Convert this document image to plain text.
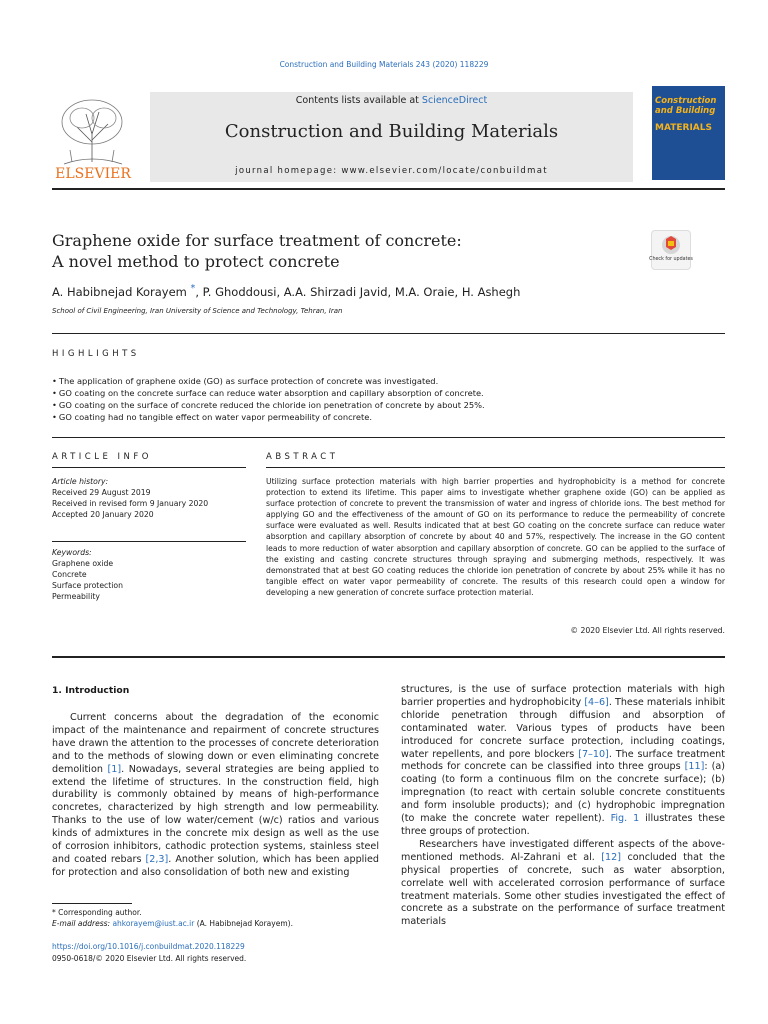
Construction and Building Materials 243 (2020) 118229
ELSEVIER
Contents lists available at ScienceDirect
Construction and Building Materials
journal homepage: www.elsevier.com/locate/conbuildmat
Construction and Building
MATERIALS
Graphene oxide for surface treatment of concrete:
A novel method to protect concrete	Check for updates
A. Habibnejad Korayem *, P. Ghoddousi, A.A. Shirzadi Javid, M.A. Oraie, H. Ashegh
School of Civil Engineering, Iran University of Science and Technology, Tehran, Iran
HIGHLIGHTS
• The application of graphene oxide (GO) as surface protection of concrete was investigated.
• GO coating on the concrete surface can reduce water absorption and capillary absorption of concrete.
• GO coating on the surface of concrete reduced the chloride ion penetration of concrete by about 25%.
• GO coating had no tangible effect on water vapor permeability of concrete.
ARTICLE INFO	ABSTRACT
Article history:
Received 29 August 2019
Received in revised form 9 January 2020
Accepted 20 January 2020
Keywords:
Graphene oxide
Concrete
Surface protection
Permeability
Utilizing surface protection materials with high barrier properties and hydrophobicity is a method for concrete protection to extend its lifetime. This paper aims to investigate whether graphene oxide (GO) can be applied as surface protection of concrete to prevent the transmission of water and ingress of chloride ions. The best method for applying GO and the effectiveness of the amount of GO on its performance to reduce the permeability of concrete surface were evaluated as well. Results indicated that at best GO coating on the concrete surface can reduce water absorption and capillary absorption of concrete by about 40 and 57%, respectively. The increase in the GO content leads to more reduction of water absorption and capillary absorption of concrete. GO can be applied to the surface of the existing and casting concrete structures through spraying and submerging methods, respectively. It was demonstrated that at best GO coating reduces the chloride ion penetration of concrete by about 25% while it has no tangible effect on water vapor permeability of concrete. The results of this research could open a window for developing a new generation of concrete surface protection material.
© 2020 Elsevier Ltd. All rights reserved.
1. Introduction
Current concerns about the degradation of the economic impact of the maintenance and repairment of concrete structures have drawn the attention to the processes of concrete deterioration and to the methods of slowing down or even eliminating concrete demolition [1]. Nowadays, several strategies are being applied to extend the lifetime of structures. In the construction field, high durability is commonly obtained by means of high-performance concretes, characterized by high strength and low permeability. Thanks to the use of low water/cement (w/c) ratios and various kinds of admixtures in the concrete mix design as well as the use of corrosion inhibitors, cathodic protection systems, stainless steel and coated rebars [2,3]. Another solution, which has been applied for protection and also consolidation of both new and existing

structures, is the use of surface protection materials with high barrier properties and hydrophobicity [4–6]. These materials inhibit chloride penetration through diffusion and absorption of contaminated water. Various types of products have been introduced for concrete surface protection, including coatings, water repellents, and pore blockers [7–10]. The surface treatment methods for concrete can be classified into three groups [11]: (a) coating (to form a continuous film on the concrete surface); (b) impregnation (to react with certain soluble concrete constituents and form insoluble products); and (c) hydrophobic impregnation (to make the concrete water repellent). Fig. 1 illustrates these three groups of protection.

Researchers have investigated different aspects of the above-mentioned methods. Al-Zahrani et al. [12] concluded that the physical properties of concrete, such as water absorption, correlate well with accelerated corrosion performance of surface treatment materials. Some other studies investigated the effect of concrete as a substrate on the performance of surface treatment materials

* Corresponding author.
E-mail address: ahkorayem@iust.ac.ir (A. Habibnejad Korayem).
https://doi.org/10.1016/j.conbuildmat.2020.118229
0950-0618/© 2020 Elsevier Ltd. All rights reserved.
